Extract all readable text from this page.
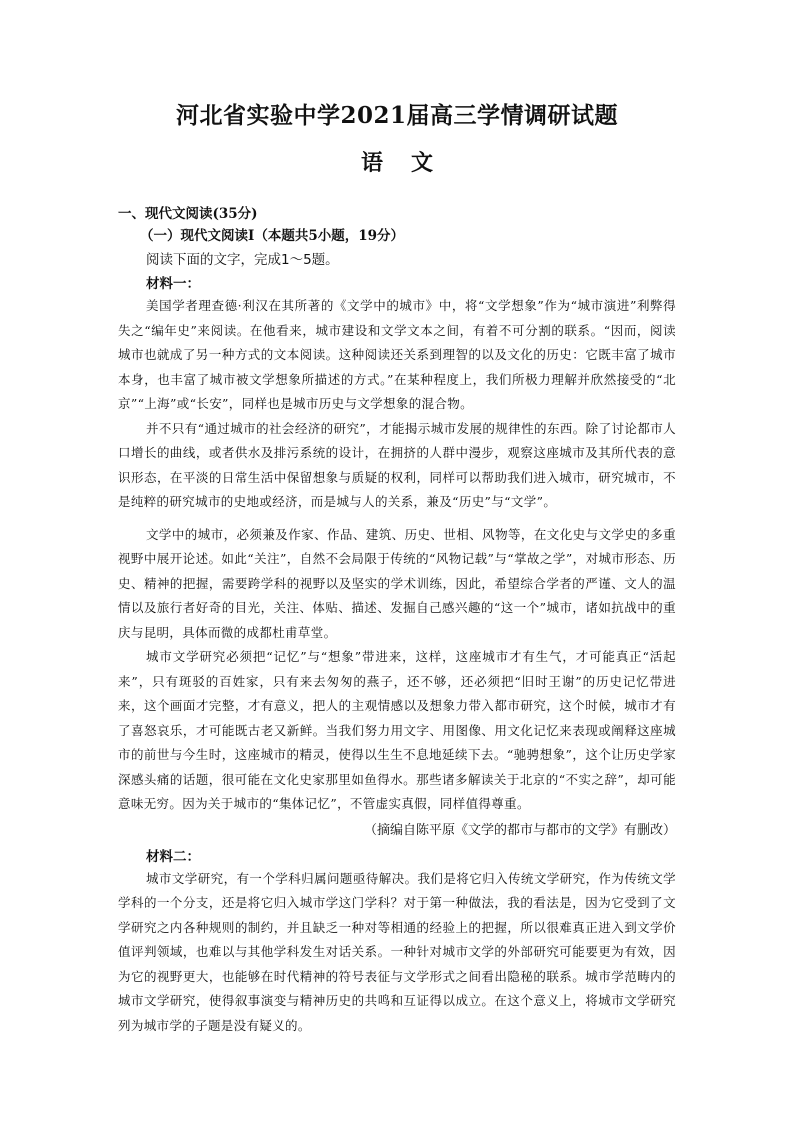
河北省实验中学2021届高三学情调研试题
语 文
一、现代文阅读(35分)
（一）现代文阅读Ⅰ（本题共5小题，19分）
阅读下面的文字，完成1～5题。
材料一：

美国学者理查德·利汉在其所著的《文学中的城市》中，将“文学想象”作为“城市演进”利弊得失之“编年史”来阅读。在他看来，城市建设和文学文本之间，有着不可分割的联系。“因而，阅读城市也就成了另一种方式的文本阅读。这种阅读还关系到理智的以及文化的历史：它既丰富了城市本身，也丰富了城市被文学想象所描述的方式。”在某种程度上，我们所极力理解并欣然接受的“北京”“上海”或“长安”，同样也是城市历史与文学想象的混合物。

并不只有“通过城市的社会经济的研究”，才能揭示城市发展的规律性的东西。除了讨论都市人口增长的曲线，或者供水及排污系统的设计，在拥挤的人群中漫步，观察这座城市及其所代表的意识形态，在平淡的日常生活中保留想象与质疑的权利，同样可以帮助我们进入城市，研究城市，不是纯粹的研究城市的史地或经济，而是城与人的关系，兼及“历史”与“文学”。

文学中的城市，必须兼及作家、作品、建筑、历史、世相、风物等，在文化史与文学史的多重视野中展开论述。如此“关注”，自然不会局限于传统的“风物记载”与“掌故之学”，对城市形态、历史、精神的把握，需要跨学科的视野以及坚实的学术训练，因此，希望综合学者的严谨、文人的温情以及旅行者好奇的目光，关注、体贴、描述、发掘自己感兴趣的“这一个”城市，诸如抗战中的重庆与昆明，具体而微的成都杜甫草堂。

城市文学研究必须把“记忆”与“想象”带进来，这样，这座城市才有生气，才可能真正“活起来”，只有斑驳的百姓家，只有来去匆匆的燕子，还不够，还必须把“旧时王谢”的历史记忆带进来，这个画面才完整，才有意义，把人的主观情感以及想象力带入都市研究，这个时候，城市才有了喜怒哀乐，才可能既古老又新鲜。当我们努力用文字、用图像、用文化记忆来表现或阐释这座城市的前世与今生时，这座城市的精灵，使得以生生不息地延续下去。“驰骋想象”，这个让历史学家深感头痛的话题，很可能在文化史家那里如鱼得水。那些诸多解读关于北京的“不实之辞”，却可能意味无穷。因为关于城市的“集体记忆”，不管虚实真假，同样值得尊重。

（摘编自陈平原《文学的都市与都市的文学》有删改）
材料二：

城市文学研究，有一个学科归属问题亟待解决。我们是将它归入传统文学研究，作为传统文学学科的一个分支，还是将它归入城市学这门学科？对于第一种做法，我的看法是，因为它受到了文学研究之内各种规则的制约，并且缺乏一种对等相通的经验上的把握，所以很难真正进入到文学价值评判领域，也难以与其他学科发生对话关系。一种针对城市文学的外部研究可能要更为有效，因为它的视野更大，也能够在时代精神的符号表征与文学形式之间看出隐秘的联系。城市学范畴内的城市文学研究，使得叙事演变与精神历史的共鸣和互证得以成立。在这个意义上，将城市文学研究列为城市学的子题是没有疑义的。
